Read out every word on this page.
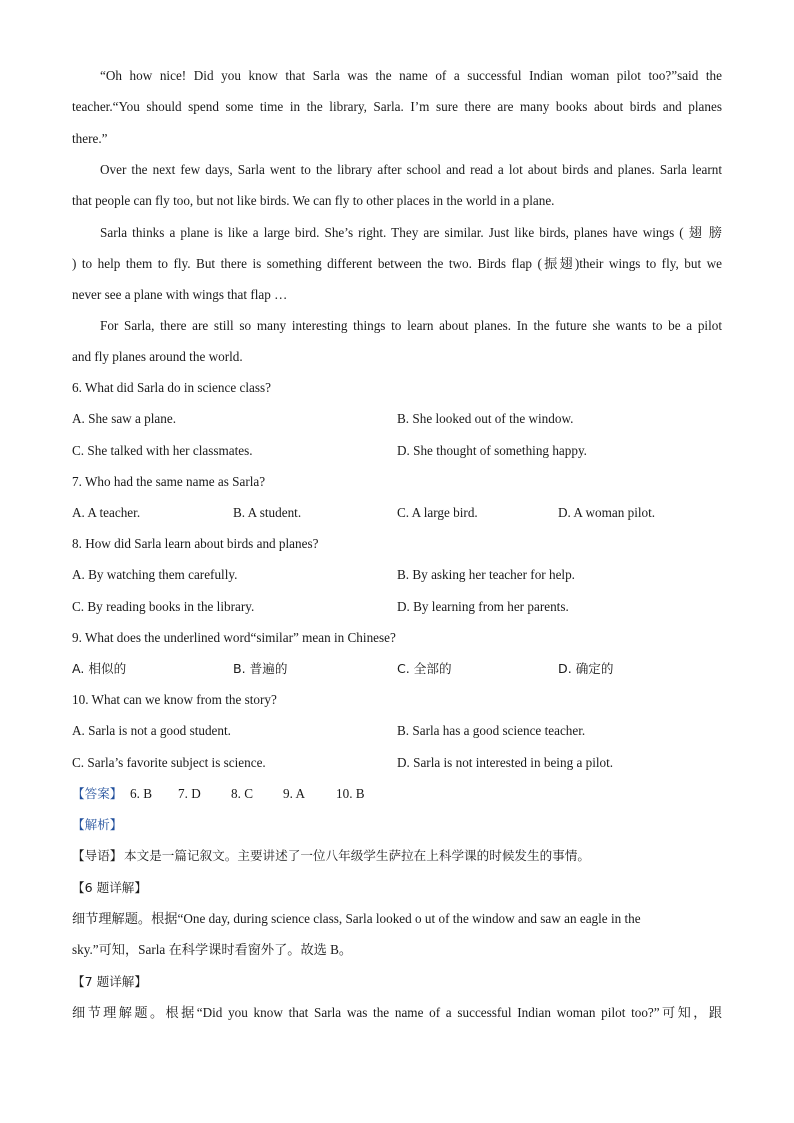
“Oh how nice! Did you know that Sarla was the name of a successful Indian woman pilot too?”said the
teacher.“You should spend some time in the library, Sarla. I’m sure there are many books about birds and planes
there.”
Over the next few days, Sarla went to the library after school and read a lot about birds and planes. Sarla learnt
that people can fly too, but not like birds. We can fly to other places in the world in a plane.
Sarla thinks a plane is like a large bird. She’s right. They are similar. Just like birds, planes have wings ( 翅 膀
) to help them to fly. But there is something different between the two. Birds flap (振翅)their wings to fly, but we
never see a plane with wings that flap …
For Sarla, there are still so many interesting things to learn about planes. In the future she wants to be a pilot
and fly planes around the world.
6. What did Sarla do in science class?
A. She saw a plane.	B. She looked out of the window.
C. She talked with her classmates.	D. She thought of something happy.
7. Who had the same name as Sarla?
A. A teacher.	B. A student.	C. A large bird.	D. A woman pilot.
8. How did Sarla learn about birds and planes?
A. By watching them carefully.	B. By asking her teacher for help.
C. By reading books in the library.	D. By learning from her parents.
9. What does the underlined word“similar” mean in Chinese?
A. 相似的	B. 普遍的	C. 全部的	D. 确定的
10. What can we know from the story?
A. Sarla is not a good student.	B. Sarla has a good science teacher.
C. Sarla’s favorite subject is science.	D. Sarla is not interested in being a pilot.
【答案】 6. B 7. D 8. C 9. A 10. B
【解析】
【导语】 本文是一篇记叙文。主要讲述了一位八年级学生萨拉在上科学课的时候发生的事情。
【6 题详解】
细节理解题。根据“One day, during science class, Sarla looked o ut of the window and saw an eagle in the
sky.”可知，Sarla 在科学课时看窗外了。故选 B。
【7 题详解】
细节理解题。根据“Did you know that Sarla was the name of a successful Indian woman pilot too?”可知，跟
